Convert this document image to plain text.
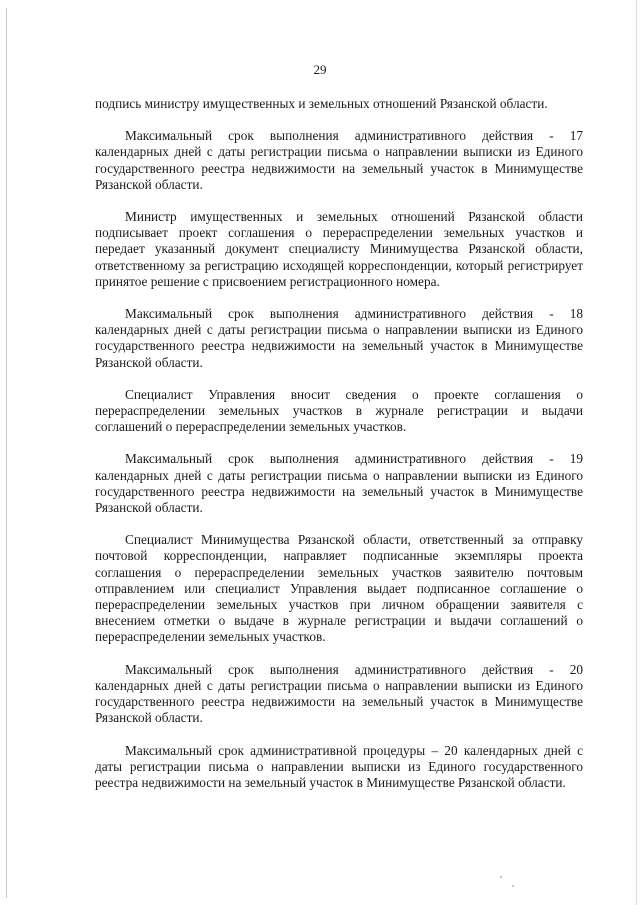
29

подпись министру имущественных и земельных отношений Рязанской области.

Максимальный срок выполнения административного действия - 17 календарных дней с даты регистрации письма о направлении выписки из Единого государственного реестра недвижимости на земельный участок в Минимуществе Рязанской области.

Министр имущественных и земельных отношений Рязанской области подписывает проект соглашения о перераспределении земельных участков и передает указанный документ специалисту Минимущества Рязанской области, ответственному за регистрацию исходящей корреспонденции, который регистрирует принятое решение с присвоением регистрационного номера.

Максимальный срок выполнения административного действия - 18 календарных дней с даты регистрации письма о направлении выписки из Единого государственного реестра недвижимости на земельный участок в Минимуществе Рязанской области.

Специалист Управления вносит сведения о проекте соглашения о перераспределении земельных участков в журнале регистрации и выдачи соглашений о перераспределении земельных участков.

Максимальный срок выполнения административного действия - 19 календарных дней с даты регистрации письма о направлении выписки из Единого государственного реестра недвижимости на земельный участок в Минимуществе Рязанской области.

Специалист Минимущества Рязанской области, ответственный за отправку почтовой корреспонденции, направляет подписанные экземпляры проекта соглашения о перераспределении земельных участков заявителю почтовым отправлением или специалист Управления выдает подписанное соглашение о перераспределении земельных участков при личном обращении заявителя с внесением отметки о выдаче в журнале регистрации и выдачи соглашений о перераспределении земельных участков.

Максимальный срок выполнения административного действия - 20 календарных дней с даты регистрации письма о направлении выписки из Единого государственного реестра недвижимости на земельный участок в Минимуществе Рязанской области.

Максимальный срок административной процедуры – 20 календарных дней с даты регистрации письма о направлении выписки из Единого государственного реестра недвижимости на земельный участок в Минимуществе Рязанской области.
